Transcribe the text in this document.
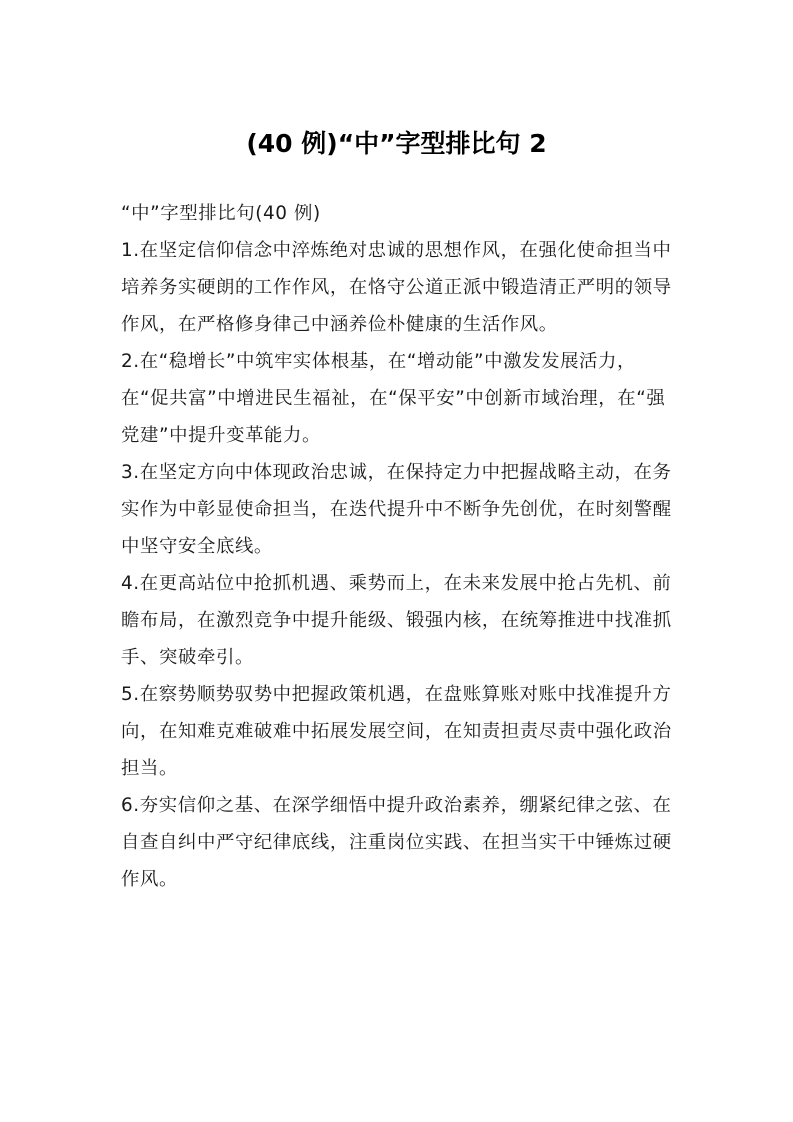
(40 例)“中”字型排比句 2

“中”字型排比句(40 例)

1.在坚定信仰信念中淬炼绝对忠诚的思想作风，在强化使命担当中培养务实硬朗的工作作风，在恪守公道正派中锻造清正严明的领导作风，在严格修身律己中涵养俭朴健康的生活作风。

2.在“稳增长”中筑牢实体根基，在“增动能”中激发发展活力，在“促共富”中增进民生福祉，在“保平安”中创新市域治理，在“强党建”中提升变革能力。

3.在坚定方向中体现政治忠诚，在保持定力中把握战略主动，在务实作为中彰显使命担当，在迭代提升中不断争先创优，在时刻警醒中坚守安全底线。

4.在更高站位中抢抓机遇、乘势而上，在未来发展中抢占先机、前瞻布局，在激烈竞争中提升能级、锻强内核，在统筹推进中找准抓手、突破牵引。

5.在察势顺势驭势中把握政策机遇，在盘账算账对账中找准提升方向，在知难克难破难中拓展发展空间，在知责担责尽责中强化政治担当。

6.夯实信仰之基、在深学细悟中提升政治素养，绷紧纪律之弦、在自查自纠中严守纪律底线，注重岗位实践、在担当实干中锤炼过硬作风。
